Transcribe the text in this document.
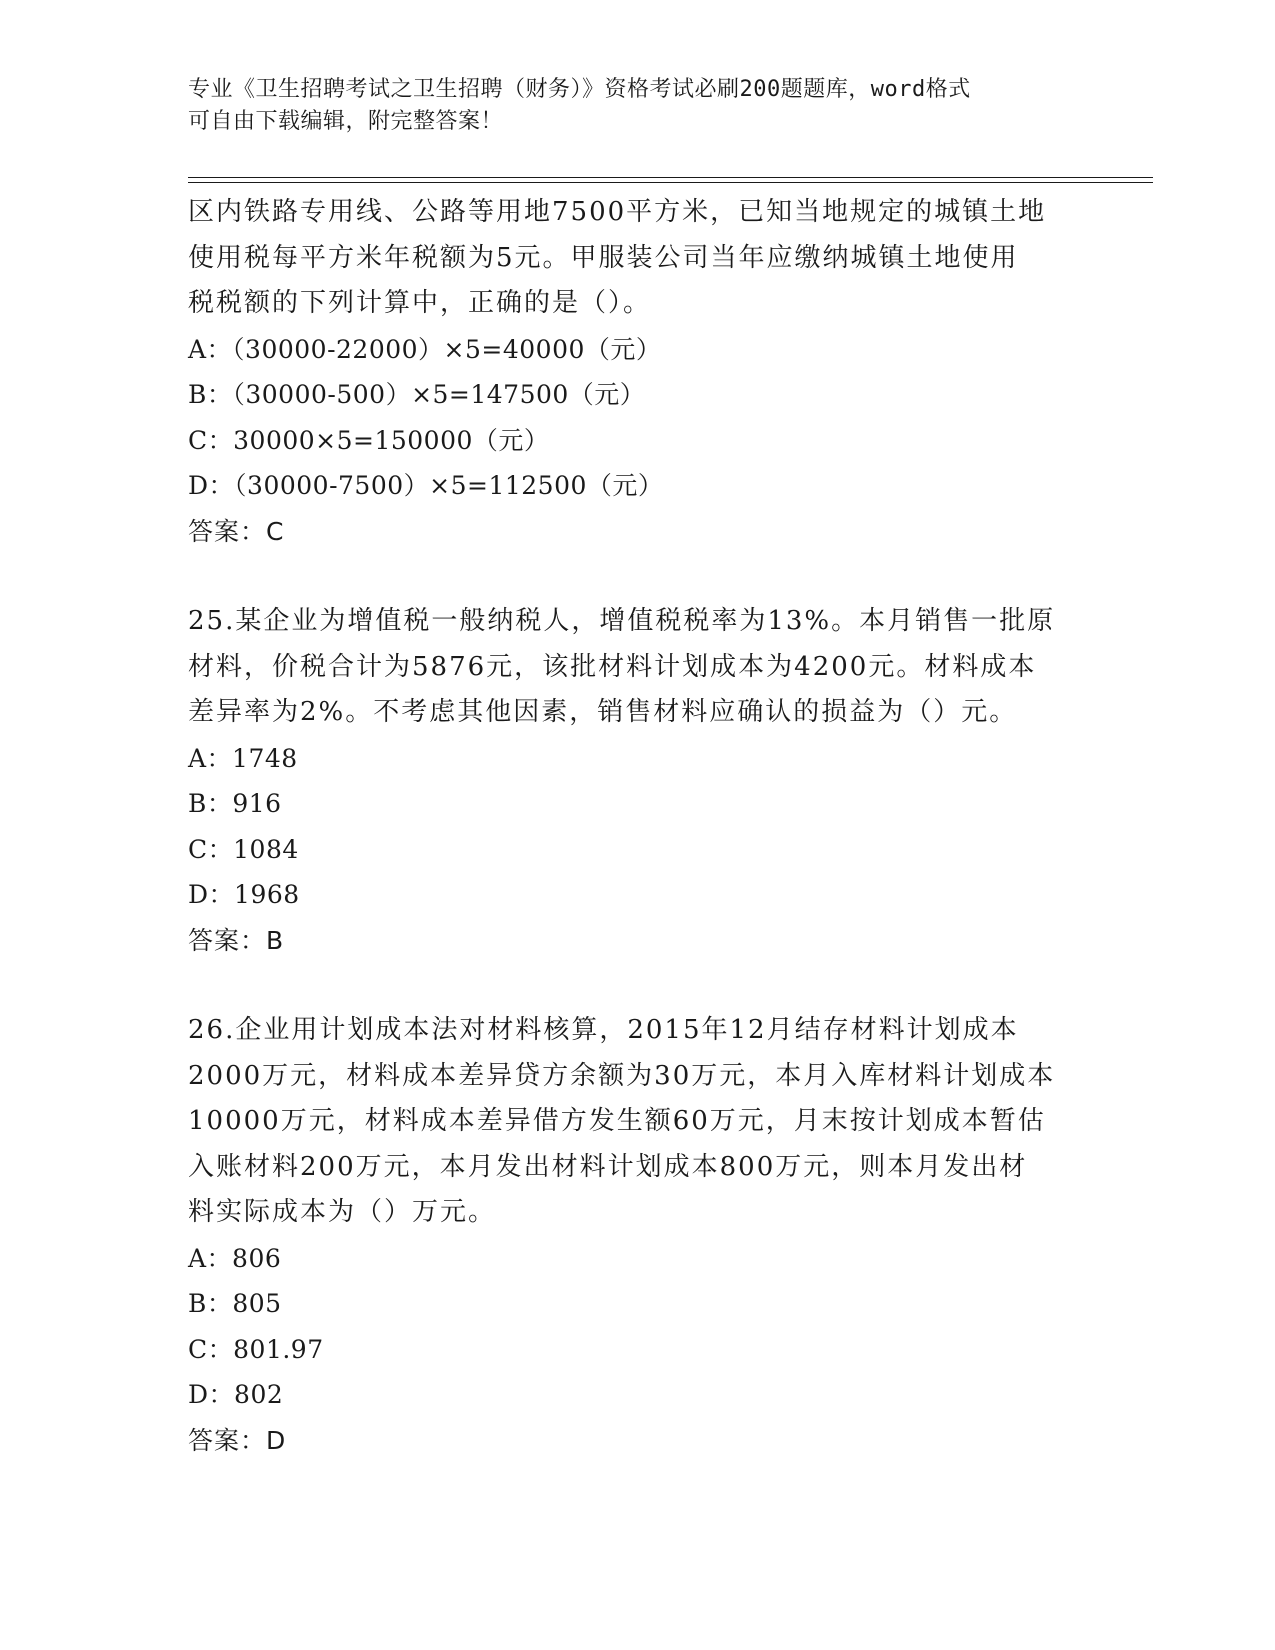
专业《卫生招聘考试之卫生招聘（财务）》资格考试必刷200题题库，word格式
可自由下载编辑，附完整答案！
区内铁路专用线、公路等用地7500平方米，已知当地规定的城镇土地
使用税每平方米年税额为5元。甲服装公司当年应缴纳城镇土地使用
税税额的下列计算中，正确的是（）。
A：（30000-22000）×5=40000（元）
B：（30000-500）×5=147500（元）
C：30000×5=150000（元）
D：（30000-7500）×5=112500（元）
答案：C
25.某企业为增值税一般纳税人，增值税税率为13%。本月销售一批原
材料，价税合计为5876元，该批材料计划成本为4200元。材料成本
差异率为2%。不考虑其他因素，销售材料应确认的损益为（）元。
A：1748
B：916
C：1084
D：1968
答案：B
26.企业用计划成本法对材料核算，2015年12月结存材料计划成本
2000万元，材料成本差异贷方余额为30万元，本月入库材料计划成本
10000万元，材料成本差异借方发生额60万元，月末按计划成本暂估
入账材料200万元，本月发出材料计划成本800万元，则本月发出材
料实际成本为（）万元。
A：806
B：805
C：801.97
D：802
答案：D
